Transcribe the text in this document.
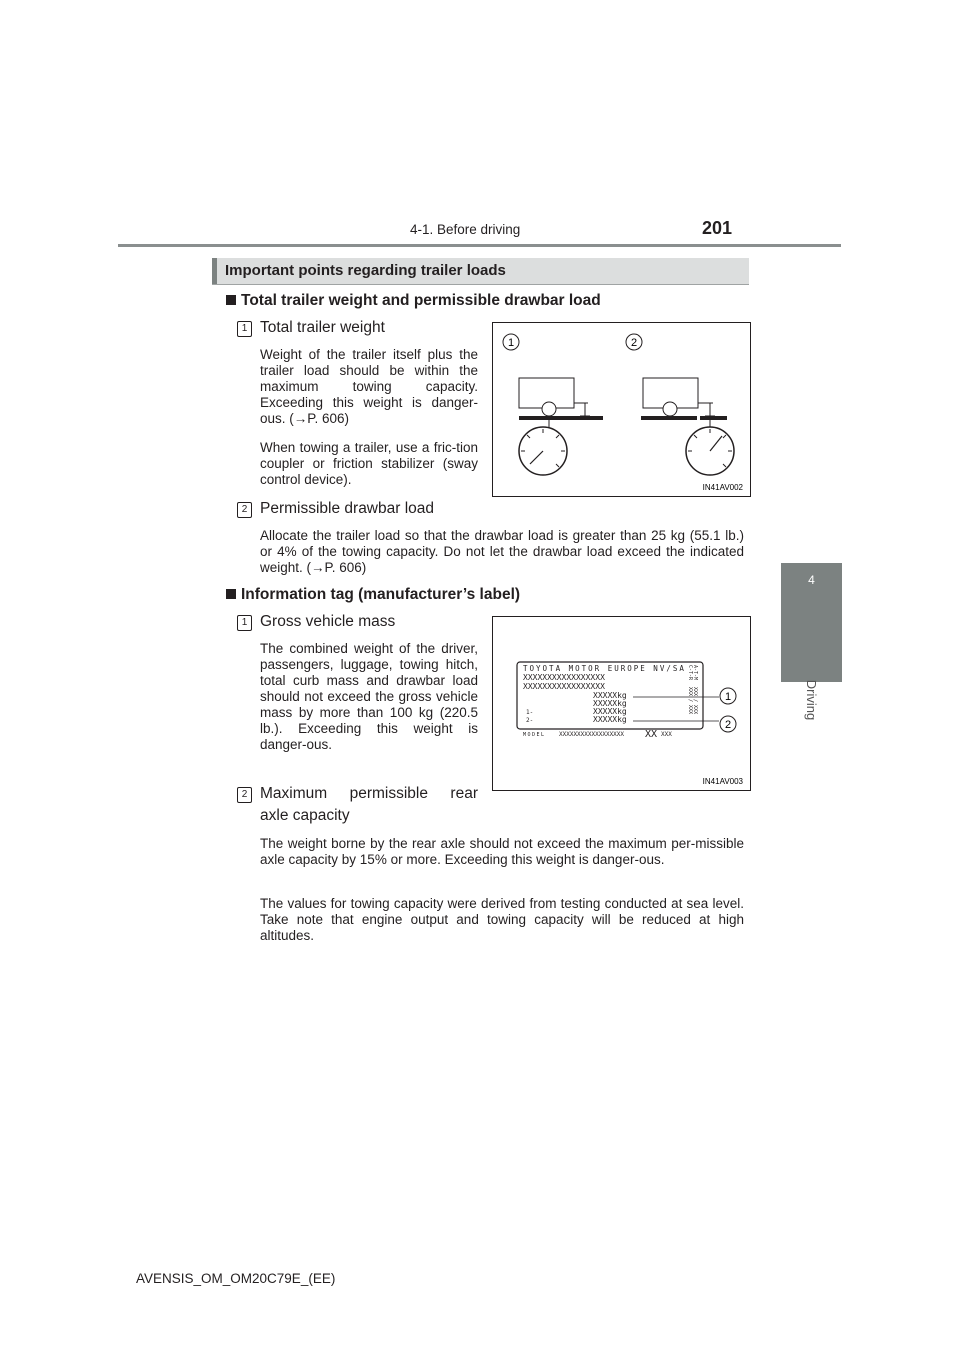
4-1. Before driving	201
4
Driving
Important points regarding trailer loads
Total trailer weight and permissible drawbar load
1 Total trailer weight
Weight of the trailer itself plus the trailer load should be within the maximum towing capacity. Exceeding this weight is danger-ous. (→P. 606)
When towing a trailer, use a fric-tion coupler or friction stabilizer (sway control device).
1	2
IN41AV002
2 Permissible drawbar load
Allocate the trailer load so that the drawbar load is greater than 25 kg (55.1 lb.) or 4% of the towing capacity. Do not let the drawbar load exceed the indicated weight. (→P. 606)
Information tag (manufacturer’s label)
1 Gross vehicle mass
The combined weight of the driver, passengers, luggage, towing hitch, total curb mass and drawbar load should not exceed the gross vehicle mass by more than 100 kg (220.5 lb.). Exceeding this weight is danger-ous.
TOYOTA MOTOR EUROPE NV/SA
XXXXXXXXXXXXXXXXX
XXXXXXXXXXXXXXXXX
XXXXXkg
XXXXXkg
XXXXXkg
XXXXXkg
1-
2-
MODEL XXXXXXXXXXXXXXXXXX XX XXX
C-T-R A-T-M
XXX / XXX XXX / XXX 1
2
IN41AV003
2 Maximum permissible rear
axle capacity
The weight borne by the rear axle should not exceed the maximum per-missible axle capacity by 15% or more. Exceeding this weight is danger-ous.
The values for towing capacity were derived from testing conducted at sea level. Take note that engine output and towing capacity will be reduced at high altitudes.
AVENSIS_OM_OM20C79E_(EE)
